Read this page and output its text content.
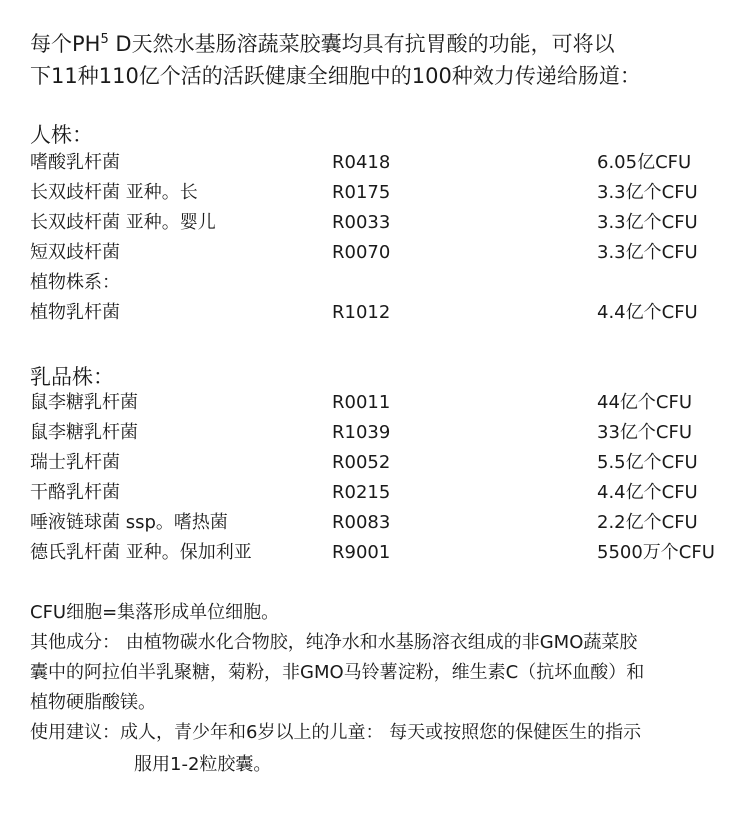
每个$PH^5$ D天然水基肠溶蔬菜胶囊均具有抗胃酸的功能，可将以
下11种110亿个活的活跃健康全细胞中的100种效力传递给肠道：
人株：
嗜酸乳杆菌	R0418	6.05亿CFU
长双歧杆菌 亚种。长	R0175	3.3亿个CFU
长双歧杆菌 亚种。婴儿	R0033	3.3亿个CFU
短双歧杆菌	R0070	3.3亿个CFU
植物株系：
植物乳杆菌	R1012	4.4亿个CFU
乳品株：
鼠李糖乳杆菌	R0011	44亿个CFU
鼠李糖乳杆菌	R1039	33亿个CFU
瑞士乳杆菌	R0052	5.5亿个CFU
干酪乳杆菌	R0215	4.4亿个CFU
唾液链球菌 ssp。嗜热菌	R0083	2.2亿个CFU
德氏乳杆菌 亚种。保加利亚	R9001	5500万个CFU
CFU细胞=集落形成单位细胞。
其他成分： 由植物碳水化合物胶，纯净水和水基肠溶衣组成的非GMO蔬菜胶
囊中的阿拉伯半乳聚糖，菊粉，非GMO马铃薯淀粉，维生素C（抗坏血酸）和
植物硬脂酸镁。
使用建议：成人，青少年和6岁以上的儿童： 每天或按照您的保健医生的指示
服用1-2粒胶囊。
